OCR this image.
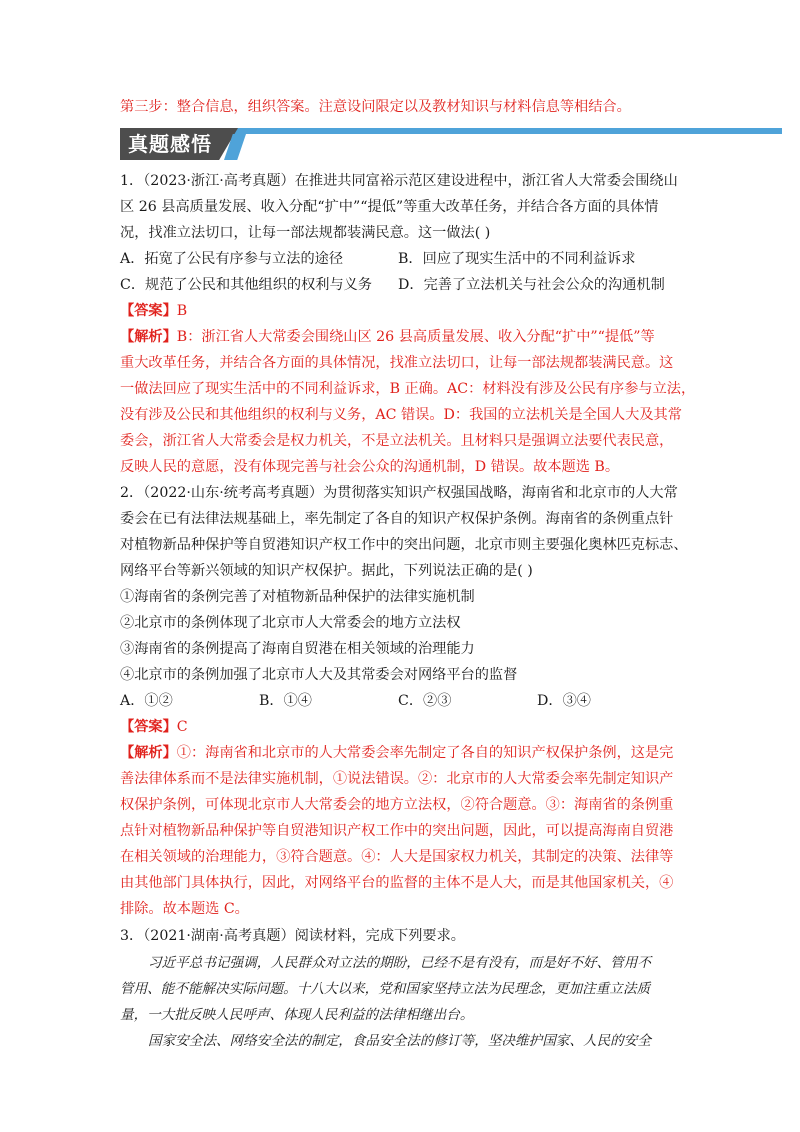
第三步：整合信息，组织答案。注意设问限定以及教材知识与材料信息等相结合。
真题感悟
1．（2023·浙江·高考真题）在推进共同富裕示范区建设进程中，浙江省人大常委会围绕山
区 26 县高质量发展、收入分配“扩中”“提低”等重大改革任务，并结合各方面的具体情
况，找准立法切口，让每一部法规都装满民意。这一做法( )
A．拓宽了公民有序参与立法的途径	B．回应了现实生活中的不同利益诉求
C．规范了公民和其他组织的权利与义务 D．完善了立法机关与社会公众的沟通机制
【答案】B
【解析】B：浙江省人大常委会围绕山区 26 县高质量发展、收入分配“扩中”“提低”等
重大改革任务，并结合各方面的具体情况，找准立法切口，让每一部法规都装满民意。这
一做法回应了现实生活中的不同利益诉求，B 正确。AC：材料没有涉及公民有序参与立法，
没有涉及公民和其他组织的权利与义务，AC 错误。D：我国的立法机关是全国人大及其常
委会，浙江省人大常委会是权力机关，不是立法机关。且材料只是强调立法要代表民意，
反映人民的意愿，没有体现完善与社会公众的沟通机制，D 错误。故本题选 B。
2．（2022·山东·统考高考真题）为贯彻落实知识产权强国战略，海南省和北京市的人大常
委会在已有法律法规基础上，率先制定了各自的知识产权保护条例。海南省的条例重点针
对植物新品种保护等自贸港知识产权工作中的突出问题，北京市则主要强化奥林匹克标志、
网络平台等新兴领域的知识产权保护。据此，下列说法正确的是( )
①海南省的条例完善了对植物新品种保护的法律实施机制
②北京市的条例体现了北京市人大常委会的地方立法权
③海南省的条例提高了海南自贸港在相关领域的治理能力
④北京市的条例加强了北京市人大及其常委会对网络平台的监督
A．①②	B．①④	C．②③	D．③④
【答案】C
【解析】①：海南省和北京市的人大常委会率先制定了各自的知识产权保护条例，这是完
善法律体系而不是法律实施机制，①说法错误。②：北京市的人大常委会率先制定知识产
权保护条例，可体现北京市人大常委会的地方立法权，②符合题意。③：海南省的条例重
点针对植物新品种保护等自贸港知识产权工作中的突出问题，因此，可以提高海南自贸港
在相关领域的治理能力，③符合题意。④：人大是国家权力机关，其制定的决策、法律等
由其他部门具体执行，因此，对网络平台的监督的主体不是人大，而是其他国家机关，④
排除。故本题选 C。
3．（2021·湖南·高考真题）阅读材料，完成下列要求。
习近平总书记强调，人民群众对立法的期盼，已经不是有没有，而是好不好、管用不
管用、能不能解决实际问题。十八大以来，党和国家坚持立法为民理念，更加注重立法质
量，一大批反映人民呼声、体现人民利益的法律相继出台。
国家安全法、网络安全法的制定，食品安全法的修订等，坚决维护国家、人民的安全
